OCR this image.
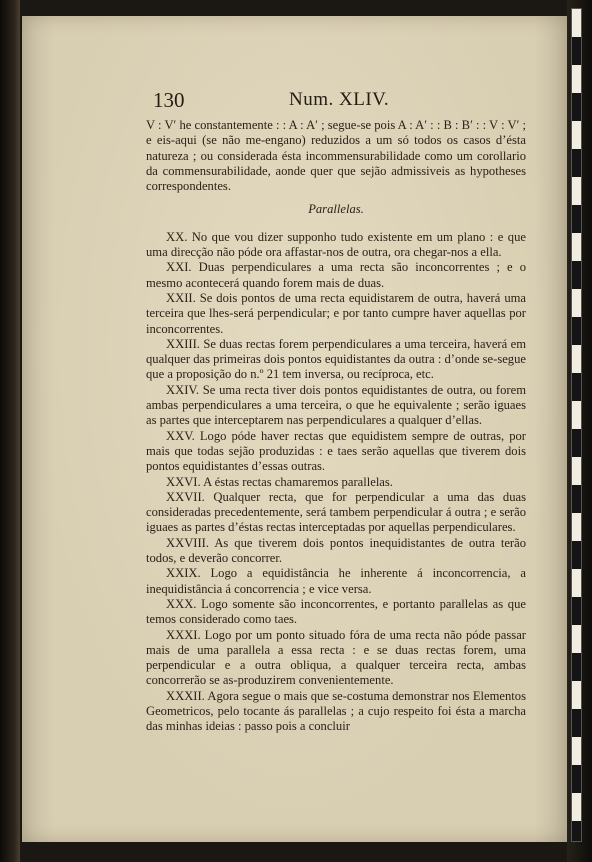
130	Num. XLIV.

V : V′ he constantemente : : A : A′ ; segue-se pois A : A′ : : B : B′ : : V : V′ ; e eis-aqui (se não me-engano) reduzidos a um só todos os casos d’ésta natureza ; ou considerada ésta incommensurabilidade como um corollario da commensurabilidade, aonde quer que sejão admissiveis as hypotheses correspondentes.

Parallelas.

XX. No que vou dizer supponho tudo existente em um plano : e que uma direcção não póde ora affastar-nos de outra, ora chegar-nos a ella.

XXI. Duas perpendiculares a uma recta são inconcorrentes ; e o mesmo acontecerá quando forem mais de duas.

XXII. Se dois pontos de uma recta equidistarem de outra, haverá uma terceira que lhes-será perpendicular; e por tanto cumpre haver aquellas por inconcorrentes.

XXIII. Se duas rectas forem perpendiculares a uma terceira, haverá em qualquer das primeiras dois pontos equidistantes da outra : d’onde se-segue que a proposição do n.º 21 tem inversa, ou recíproca, etc.

XXIV. Se uma recta tiver dois pontos equidistantes de outra, ou forem ambas perpendiculares a uma terceira, o que he equivalente ; serão iguaes as partes que interceptarem nas perpendiculares a qualquer d’ellas.

XXV. Logo póde haver rectas que equidistem sempre de outras, por mais que todas sejão produzidas : e taes serão aquellas que tiverem dois pontos equidistantes d’essas outras.

XXVI. A éstas rectas chamaremos parallelas.

XXVII. Qualquer recta, que for perpendicular a uma das duas consideradas precedentemente, será tambem perpendicular á outra ; e serão iguaes as partes d’éstas rectas interceptadas por aquellas perpendiculares.

XXVIII. As que tiverem dois pontos inequidistantes de outra terão todos, e deverão concorrer.

XXIX. Logo a equidistância he inherente á inconcorrencia, a inequidistância á concorrencia ; e vice versa.

XXX. Logo somente são inconcorrentes, e portanto parallelas as que temos considerado como taes.

XXXI. Logo por um ponto situado fóra de uma recta não póde passar mais de uma parallela a essa recta : e se duas rectas forem, uma perpendicular e a outra obliqua, a qualquer terceira recta, ambas concorrerão se as-produzirem convenientemente.

XXXII. Agora segue o mais que se-costuma demonstrar nos Elementos Geometricos, pelo tocante ás parallelas ; a cujo respeito foi ésta a marcha das minhas ideias : passo pois a concluir
